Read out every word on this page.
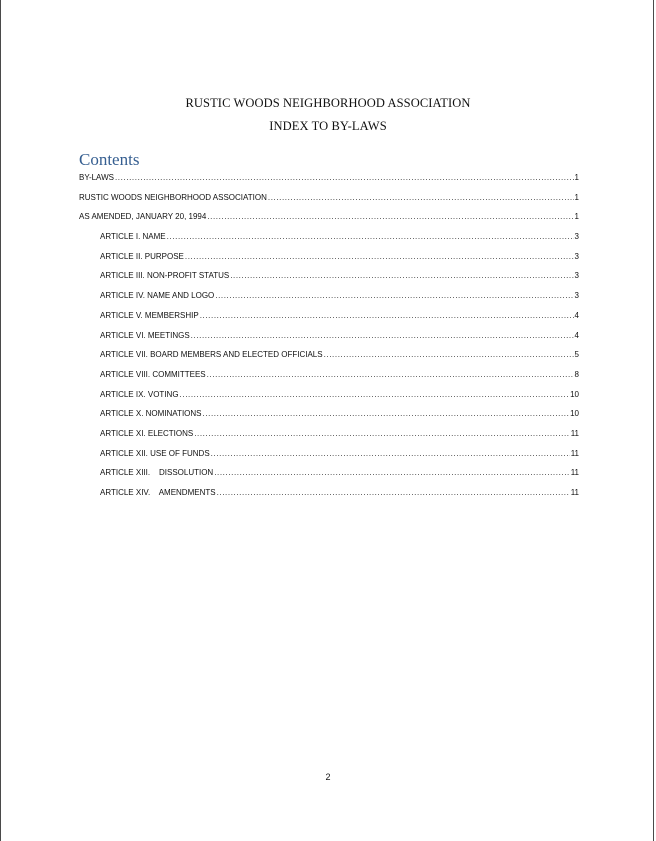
RUSTIC WOODS NEIGHBORHOOD ASSOCIATION
INDEX TO BY-LAWS
Contents
BY-LAWS .....	1
RUSTIC WOODS NEIGHBORHOOD ASSOCIATION .....	1
AS AMENDED, JANUARY 20, 1994 .....	1
ARTICLE I. NAME .....	3
ARTICLE II. PURPOSE .....	3
ARTICLE III. NON-PROFIT STATUS .....	3
ARTICLE IV. NAME AND LOGO .....	3
ARTICLE V. MEMBERSHIP .....	4
ARTICLE VI. MEETINGS .....	4
ARTICLE VII. BOARD MEMBERS AND ELECTED OFFICIALS .....	5
ARTICLE VIII. COMMITTEES .....	8
ARTICLE IX. VOTING .....	10
ARTICLE X. NOMINATIONS .....	10
ARTICLE XI. ELECTIONS .....	11
ARTICLE XII. USE OF FUNDS .....	11
ARTICLE XIII.    DISSOLUTION .....	11
ARTICLE XIV.    AMENDMENTS .....	11
2
